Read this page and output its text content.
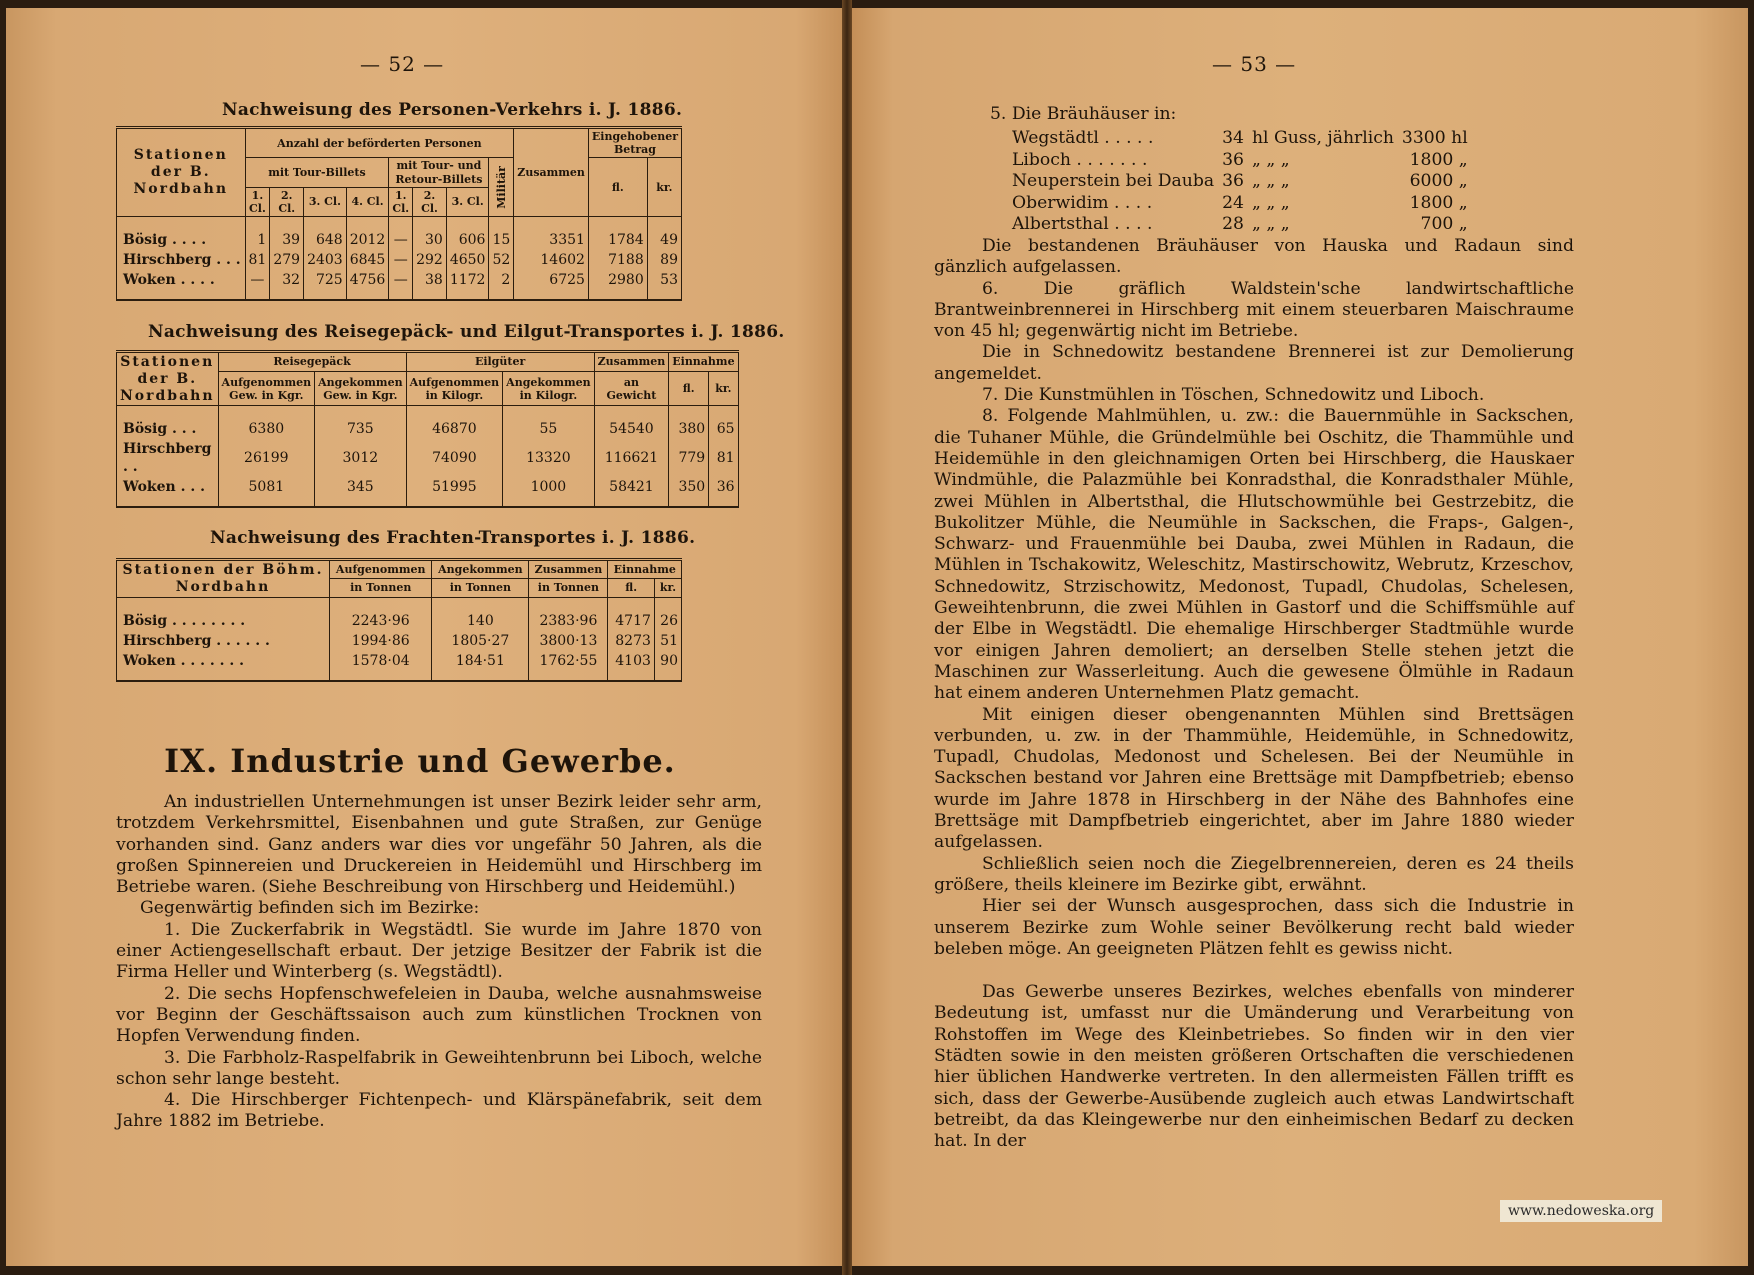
— 52 —
Nachweisung des Personen-Verkehrs i. J. 1886.
Stationen der B. Nordbahn	Anzahl der beförderten Personen								Zusammen	Eingehobener Betrag	
	mit Tour-Billets				mit Tour- und Retour-Billets			Militär		fl.	kr.
	1. Cl.	2. Cl.	3. Cl.	4. Cl.	1. Cl.	2. Cl.	3. Cl.				
Bösig . . . .	1	39	648	2012	—	30	606	15	3351	1784	49
Hirschberg . . .	81	279	2403	6845	—	292	4650	52	14602	7188	89
Woken . . . .	—	32	725	4756	—	38	1172	2	6725	2980	53
Nachweisung des Reisegepäck- und Eilgut-Transportes i. J. 1886.
Stationen der B. Nordbahn	Reisegepäck		Eilgüter		Zusammen	Einnahme	
	Aufgenommen Gew. in Kgr.	Angekommen Gew. in Kgr.	Aufgenommen in Kilogr.	Angekommen in Kilogr.	an Gewicht	fl.	kr.
Bösig . . .	6380	735	46870	55	54540	380	65
Hirschberg . .	26199	3012	74090	13320	116621	779	81
Woken . . .	5081	345	51995	1000	58421	350	36
Nachweisung des Frachten-Transportes i. J. 1886.
Stationen der Böhm. Nordbahn	Aufgenommen	Angekommen	Zusammen	Einnahme	
	in Tonnen	in Tonnen	in Tonnen	fl.	kr.
Bösig . . . . . . . .	2243·96	140	2383·96	4717	26
Hirschberg . . . . . .	1994·86	1805·27	3800·13	8273	51
Woken . . . . . . .	1578·04	184·51	1762·55	4103	90
IX. Industrie und Gewerbe.

An industriellen Unternehmungen ist unser Bezirk leider sehr arm, trotzdem Verkehrsmittel, Eisenbahnen und gute Straßen, zur Genüge vorhanden sind. Ganz anders war dies vor ungefähr 50 Jahren, als die großen Spinnereien und Druckereien in Heidemühl und Hirschberg im Betriebe waren. (Siehe Beschreibung von Hirschberg und Heidemühl.)

Gegenwärtig befinden sich im Bezirke:

1. Die Zuckerfabrik in Wegstädtl. Sie wurde im Jahre 1870 von einer Actiengesellschaft erbaut. Der jetzige Besitzer der Fabrik ist die Firma Heller und Winterberg (s. Wegstädtl).

2. Die sechs Hopfenschwefeleien in Dauba, welche ausnahmsweise vor Beginn der Geschäftssaison auch zum künstlichen Trocknen von Hopfen Verwendung finden.

3. Die Farbholz-Raspelfabrik in Geweihtenbrunn bei Liboch, welche schon sehr lange besteht.

4. Die Hirschberger Fichtenpech- und Klärspänefabrik, seit dem Jahre 1882 im Betriebe.

— 53 —
5. Die Bräuhäuser in:
Wegstädtl . . . . .	34	hl Guss, jährlich	3300 hl
Liboch . . . . . . .	36	„ „ „	1800 „
Neuperstein bei Dauba	36	„ „ „	6000 „
Oberwidim . . . .	24	„ „ „	1800 „
Albertsthal . . . .	28	„ „ „	700 „

Die bestandenen Bräuhäuser von Hauska und Radaun sind gänzlich aufgelassen.

6. Die gräflich Waldstein'sche landwirtschaftliche Brantweinbrennerei in Hirschberg mit einem steuerbaren Maischraume von 45 hl; gegenwärtig nicht im Betriebe.

Die in Schnedowitz bestandene Brennerei ist zur Demolierung angemeldet.

7. Die Kunstmühlen in Töschen, Schnedowitz und Liboch.

8. Folgende Mahlmühlen, u. zw.: die Bauernmühle in Sackschen, die Tuhaner Mühle, die Gründelmühle bei Oschitz, die Thammühle und Heidemühle in den gleichnamigen Orten bei Hirschberg, die Hauskaer Windmühle, die Palazmühle bei Konradsthal, die Konradsthaler Mühle, zwei Mühlen in Albertsthal, die Hlutschowmühle bei Gestrzebitz, die Bukolitzer Mühle, die Neumühle in Sackschen, die Fraps-, Galgen-, Schwarz- und Frauenmühle bei Dauba, zwei Mühlen in Radaun, die Mühlen in Tschakowitz, Weleschitz, Mastirschowitz, Webrutz, Krzeschov, Schnedowitz, Strzischowitz, Medonost, Tupadl, Chudolas, Schelesen, Geweihtenbrunn, die zwei Mühlen in Gastorf und die Schiffsmühle auf der Elbe in Wegstädtl. Die ehemalige Hirschberger Stadtmühle wurde vor einigen Jahren demoliert; an derselben Stelle stehen jetzt die Maschinen zur Wasserleitung. Auch die gewesene Ölmühle in Radaun hat einem anderen Unternehmen Platz gemacht.

Mit einigen dieser obengenannten Mühlen sind Brettsägen verbunden, u. zw. in der Thammühle, Heidemühle, in Schnedowitz, Tupadl, Chudolas, Medonost und Schelesen. Bei der Neumühle in Sackschen bestand vor Jahren eine Brettsäge mit Dampfbetrieb; ebenso wurde im Jahre 1878 in Hirschberg in der Nähe des Bahnhofes eine Brettsäge mit Dampfbetrieb eingerichtet, aber im Jahre 1880 wieder aufgelassen.

Schließlich seien noch die Ziegelbrennereien, deren es 24 theils größere, theils kleinere im Bezirke gibt, erwähnt.

Hier sei der Wunsch ausgesprochen, dass sich die Industrie in unserem Bezirke zum Wohle seiner Bevölkerung recht bald wieder beleben möge. An geeigneten Plätzen fehlt es gewiss nicht.

Das Gewerbe unseres Bezirkes, welches ebenfalls von minderer Bedeutung ist, umfasst nur die Umänderung und Verarbeitung von Rohstoffen im Wege des Kleinbetriebes. So finden wir in den vier Städten sowie in den meisten größeren Ortschaften die verschiedenen hier üblichen Handwerke vertreten. In den allermeisten Fällen trifft es sich, dass der Gewerbe-Ausübende zugleich auch etwas Landwirtschaft betreibt, da das Kleingewerbe nur den einheimischen Bedarf zu decken hat. In der

www.nedoweska.org
